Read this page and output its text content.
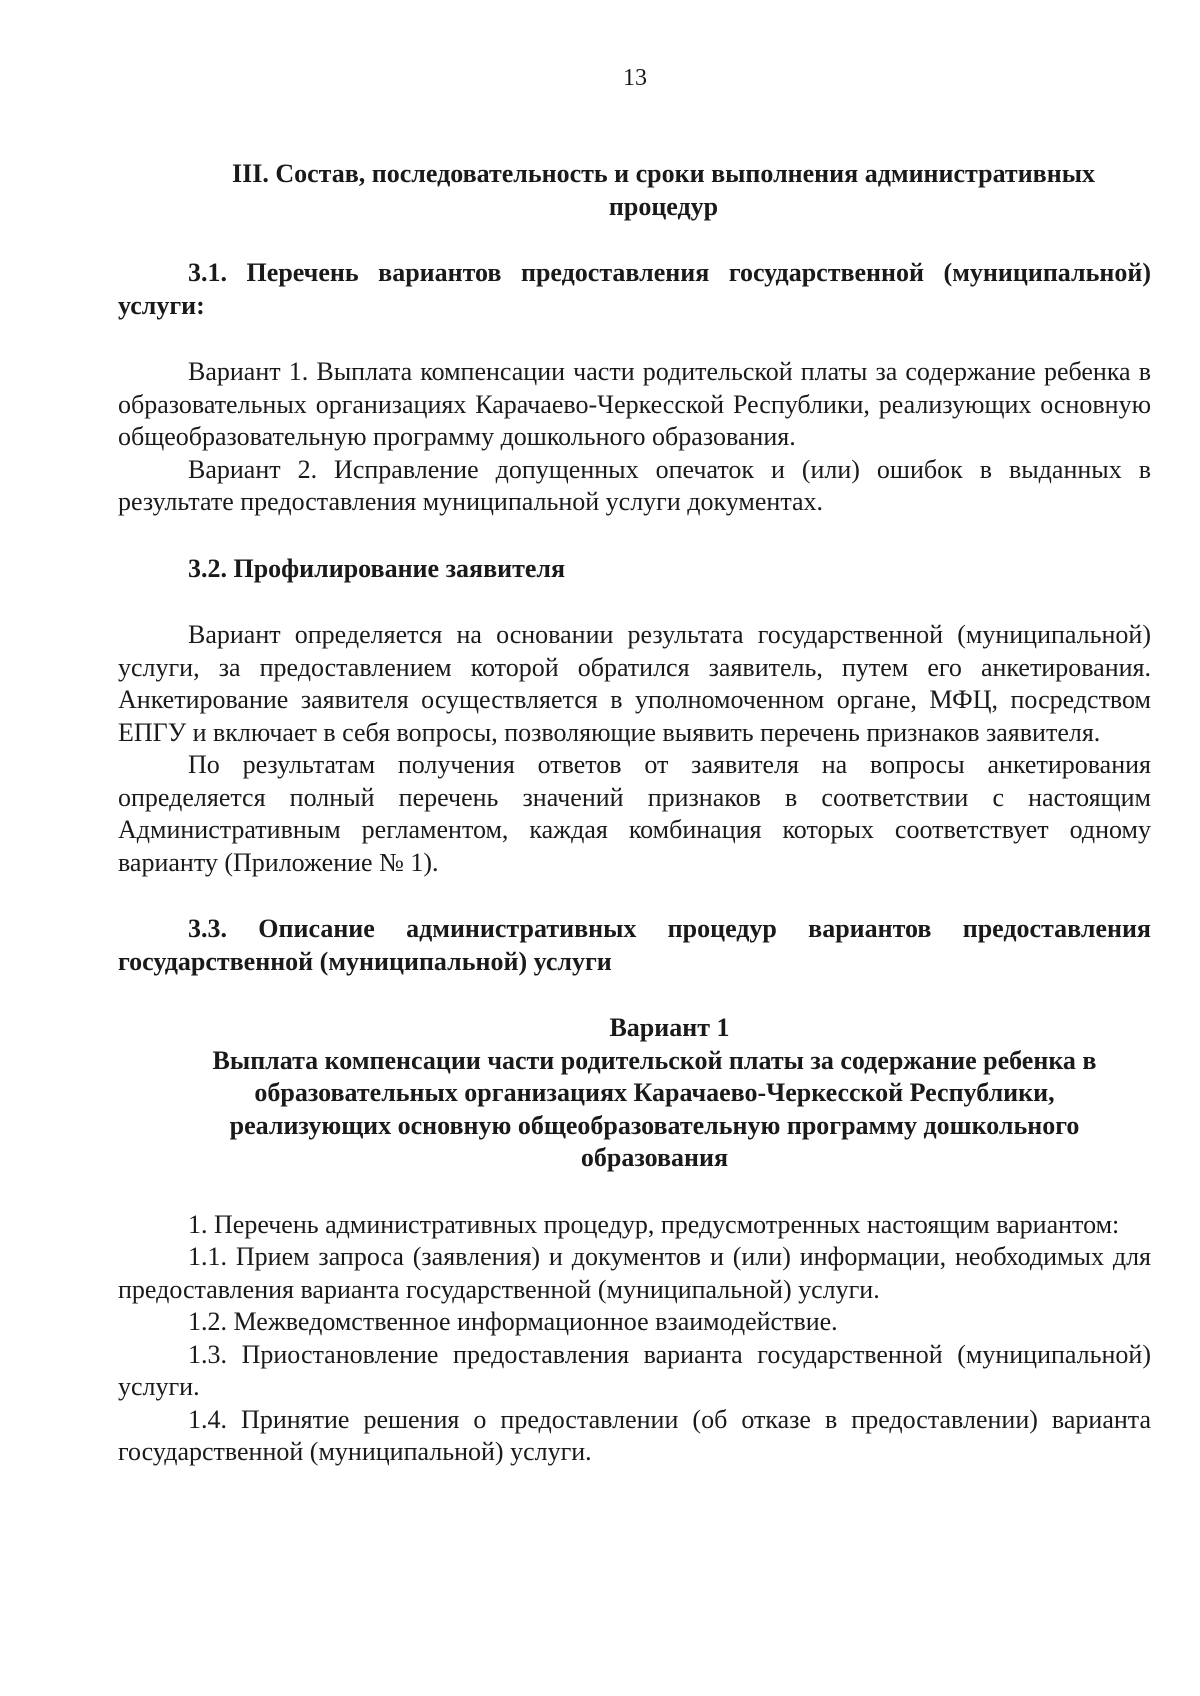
13

III. Состав, последовательность и сроки выполнения административных процедур

3.1. Перечень вариантов предоставления государственной (муниципальной) услуги:

Вариант 1. Выплата компенсации части родительской платы за содержание ребенка в образовательных организациях Карачаево-Черкесской Республики, реализующих основную общеобразовательную программу дошкольного образования.

Вариант 2. Исправление допущенных опечаток и (или) ошибок в выданных в результате предоставления муниципальной услуги документах.

3.2. Профилирование заявителя

Вариант определяется на основании результата государственной (муниципальной) услуги, за предоставлением которой обратился заявитель, путем его анкетирования. Анкетирование заявителя осуществляется в уполномоченном органе, МФЦ, посредством ЕПГУ и включает в себя вопросы, позволяющие выявить перечень признаков заявителя.

По результатам получения ответов от заявителя на вопросы анкетирования определяется полный перечень значений признаков в соответствии с настоящим Административным регламентом, каждая комбинация которых соответствует одному варианту (Приложение № 1).

3.3. Описание административных процедур вариантов предоставления государственной (муниципальной) услуги

Вариант 1

Выплата компенсации части родительской платы за содержание ребенка в образовательных организациях Карачаево-Черкесской Республики, реализующих основную общеобразовательную программу дошкольного образования

1. Перечень административных процедур, предусмотренных настоящим вариантом:

1.1. Прием запроса (заявления) и документов и (или) информации, необходимых для предоставления варианта государственной (муниципальной) услуги.

1.2. Межведомственное информационное взаимодействие.

1.3. Приостановление предоставления варианта государственной (муниципальной) услуги.

1.4. Принятие решения о предоставлении (об отказе в предоставлении) варианта государственной (муниципальной) услуги.
